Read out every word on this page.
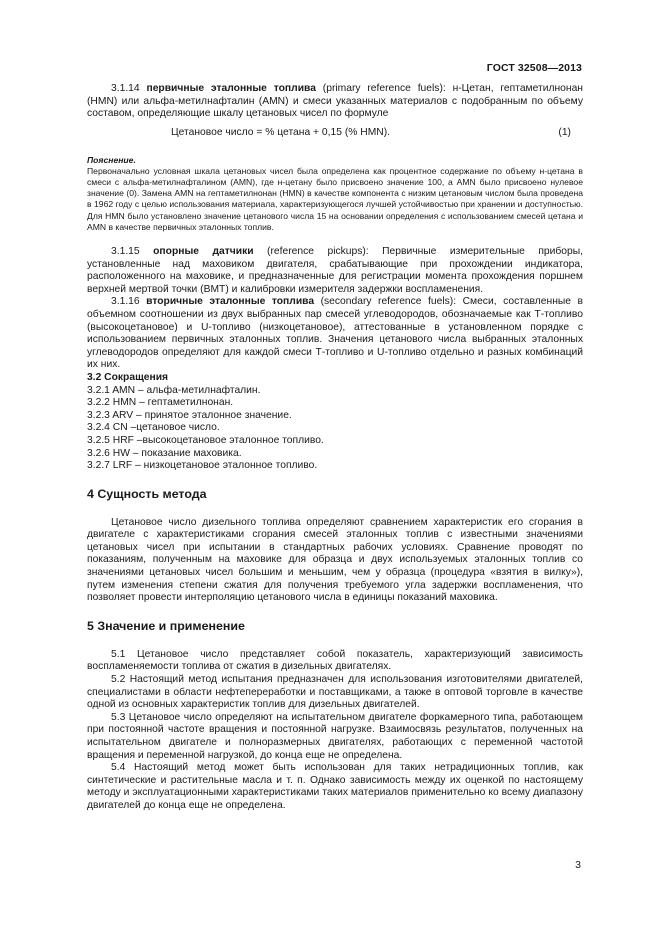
ГОСТ 32508—2013

3.1.14 первичные эталонные топлива (primary reference fuels): н-Цетан, гептаметилнонан (HMN) или альфа-метилнафталин (AMN) и смеси указанных материалов с подобранным по объему составом, определяющие шкалу цетановых чисел по формуле

Цетановое число = % цетана + 0,15 (% HMN).	(1)

Пояснение.

Первоначально условная шкала цетановых чисел была определена как процентное содержание по объему н-цетана в смеси с альфа-метилнафталином (AMN), где н-цетану было присвоено значение 100, а AMN было присвоено нулевое значение (0). Замена AMN на гептаметилнонан (HMN) в качестве компонента с низким цетановым числом была проведена в 1962 году с целью использования материала, характеризующегося лучшей устойчивостью при хранении и доступностью. Для HMN было установлено значение цетанового числа 15 на основании определения с использованием смесей цетана и AMN в качестве первичных эталонных топлив.

3.1.15 опорные датчики (reference pickups): Первичные измерительные приборы, установленные над маховиком двигателя, срабатывающие при прохождении индикатора, расположенного на маховике, и предназначенные для регистрации момента прохождения поршнем верхней мертвой точки (ВМТ) и калибровки измерителя задержки воспламенения.

3.1.16 вторичные эталонные топлива (secondary reference fuels): Смеси, составленные в объемном соотношении из двух выбранных пар смесей углеводородов, обозначаемые как Т-топливо (высокоцетановое) и U-топливо (низкоцетановое), аттестованные в установленном порядке с использованием первичных эталонных топлив. Значения цетанового числа выбранных эталонных углеводородов определяют для каждой смеси Т-топливо и U-топливо отдельно и разных комбинаций их них.

3.2 Сокращения

3.2.1 AMN – альфа-метилнафталин.

3.2.2 HMN – гептаметилнонан.

3.2.3 ARV – принятое эталонное значение.

3.2.4 CN –цетановое число.

3.2.5 HRF –высокоцетановое эталонное топливо.

3.2.6 HW – показание маховика.

3.2.7 LRF – низкоцетановое эталонное топливо.

4 Сущность метода

Цетановое число дизельного топлива определяют сравнением характеристик его сгорания в двигателе с характеристиками сгорания смесей эталонных топлив с известными значениями цетановых чисел при испытании в стандартных рабочих условиях. Сравнение проводят по показаниям, полученным на маховике для образца и двух используемых эталонных топлив со значениями цетановых чисел большим и меньшим, чем у образца (процедура «взятия в вилку»), путем изменения степени сжатия для получения требуемого угла задержки воспламенения, что позволяет провести интерполяцию цетанового числа в единицы показаний маховика.

5 Значение и применение

5.1 Цетановое число представляет собой показатель, характеризующий зависимость воспламеняемости топлива от сжатия в дизельных двигателях.

5.2 Настоящий метод испытания предназначен для использования изготовителями двигателей, специалистами в области нефтепереработки и поставщиками, а также в оптовой торговле в качестве одной из основных характеристик топлив для дизельных двигателей.

5.3 Цетановое число определяют на испытательном двигателе форкамерного типа, работающем при постоянной частоте вращения и постоянной нагрузке. Взаимосвязь результатов, полученных на испытательном двигателе и полноразмерных двигателях, работающих с переменной частотой вращения и переменной нагрузкой, до конца еще не определена.

5.4 Настоящий метод может быть использован для таких нетрадиционных топлив, как синтетические и растительные масла и т. п. Однако зависимость между их оценкой по настоящему методу и эксплуатационными характеристиками таких материалов применительно ко всему диапазону двигателей до конца еще не определена.

3
